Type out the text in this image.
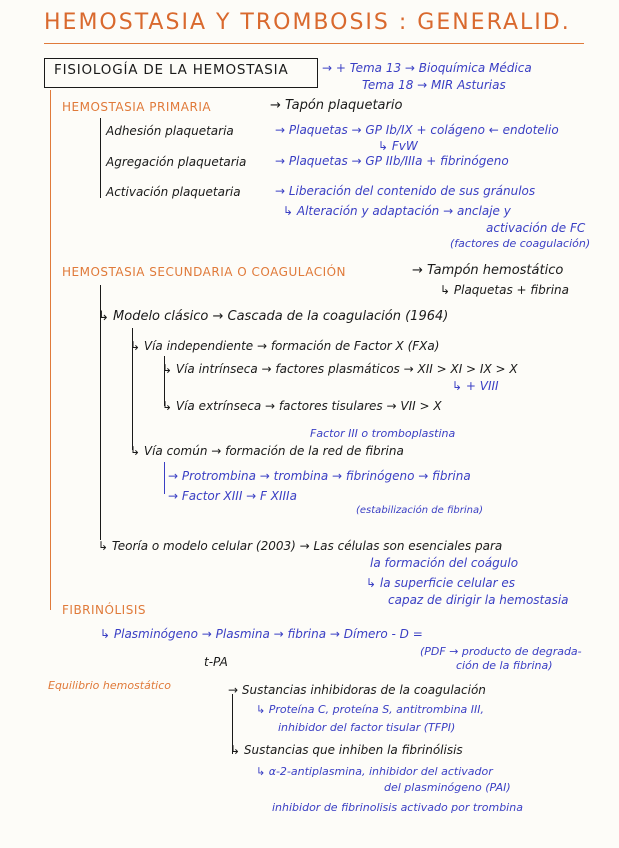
HEMOSTASIA Y TROMBOSIS : GENERALID.
FISIOLOGÍA DE LA HEMOSTASIA	→ + Tema 13 → Bioquímica Médica
Tema 18 → MIR Asturias
HEMOSTASIA PRIMARIA	→ Tapón plaquetario
Adhesión plaquetaria	→ Plaquetas → GP Ib/IX + colágeno ← endotelio
↳ FvW
Agregación plaquetaria → Plaquetas → GP IIb/IIIa + fibrinógeno
Activación plaquetaria	→ Liberación del contenido de sus gránulos
↳ Alteración y adaptación → anclaje y
activación de FC
(factores de coagulación)
HEMOSTASIA SECUNDARIA O COAGULACIÓN	→ Tampón hemostático
↳ Plaquetas + fibrina
↳ Modelo clásico → Cascada de la coagulación (1964)
↳ Vía independiente → formación de Factor X (FXa)
↳ Vía intrínseca → factores plasmáticos → XII > XI > IX > X
↳ + VIII
↳ Vía extrínseca → factores tisulares → VII > X
Factor III o tromboplastina
↳ Vía común → formación de la red de fibrina
→ Protrombina → trombina → fibrinógeno → fibrina
→ Factor XIII → F XIIIa
(estabilización de fibrina)
↳ Teoría o modelo celular (2003) → Las células son esenciales para
la formación del coágulo
↳ la superficie celular es
capaz de dirigir la hemostasia
FIBRINÓLISIS
↳ Plasminógeno → Plasmina → fibrina → Dímero - D =
t-PA
(PDF → producto de degrada-
ción de la fibrina)
Equilibrio hemostático	→ Sustancias inhibidoras de la coagulación
↳ Proteína C, proteína S, antitrombina III,
inhibidor del factor tisular (TFPI)
↳ Sustancias que inhiben la fibrinólisis
↳ α-2-antiplasmina, inhibidor del activador
del plasminógeno (PAI)
inhibidor de fibrinolisis activado por trombina
